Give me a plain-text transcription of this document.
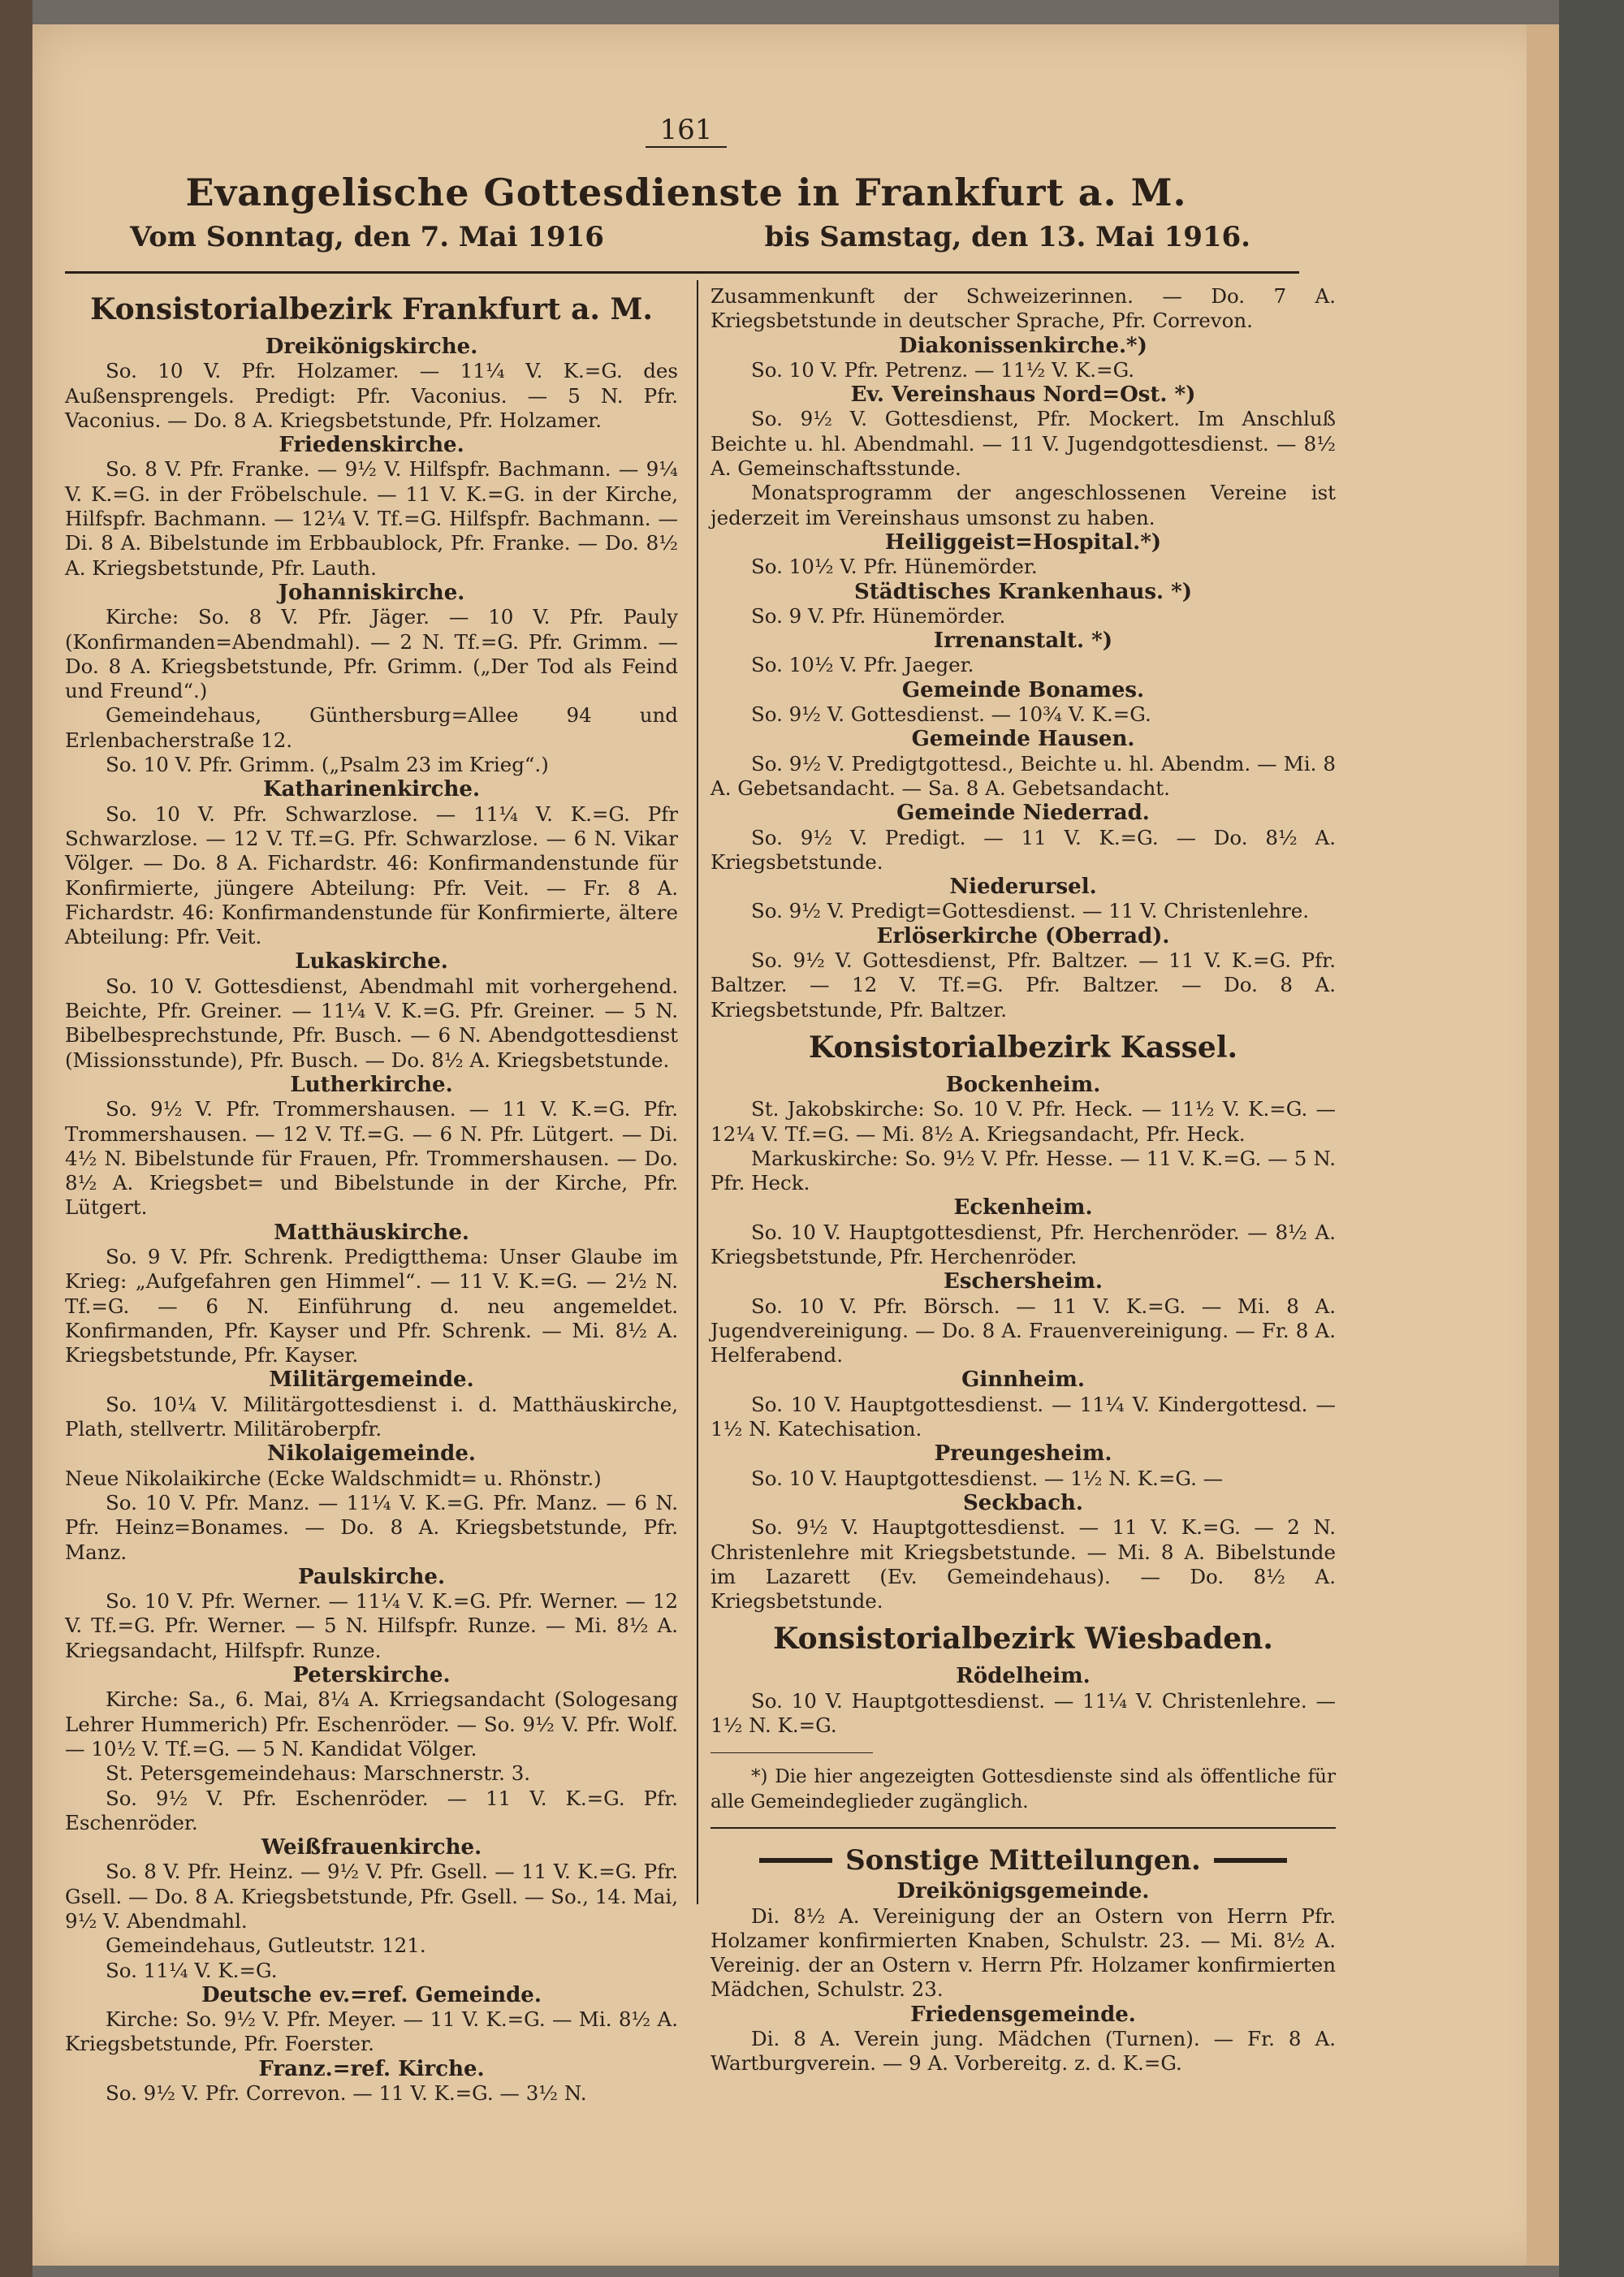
161
Evangelische Gottesdienste in Frankfurt a. M.
Vom Sonntag, den 7. Mai 1916	bis Samstag, den 13. Mai 1916.
Konsistorialbezirk Frankfurt a. M.
Dreikönigskirche.
So. 10 V. Pfr. Holzamer. — 11¼ V. K.=G. des Außensprengels. Predigt: Pfr. Vaconius. — 5 N. Pfr. Vaconius. — Do. 8 A. Kriegsbetstunde, Pfr. Holzamer.
Friedenskirche.
So. 8 V. Pfr. Franke. — 9½ V. Hilfspfr. Bachmann. — 9¼ V. K.=G. in der Fröbelschule. — 11 V. K.=G. in der Kirche, Hilfspfr. Bachmann. — 12¼ V. Tf.=G. Hilfspfr. Bachmann. — Di. 8 A. Bibelstunde im Erbbaublock, Pfr. Franke. — Do. 8½ A. Kriegsbetstunde, Pfr. Lauth.
Johanniskirche.
Kirche: So. 8 V. Pfr. Jäger. — 10 V. Pfr. Pauly (Konfirmanden=Abendmahl). — 2 N. Tf.=G. Pfr. Grimm. — Do. 8 A. Kriegsbetstunde, Pfr. Grimm. („Der Tod als Feind und Freund“.)
Gemeindehaus, Günthersburg=Allee 94 und Erlenbacherstraße 12.
So. 10 V. Pfr. Grimm. („Psalm 23 im Krieg“.)
Katharinenkirche.
So. 10 V. Pfr. Schwarzlose. — 11¼ V. K.=G. Pfr Schwarzlose. — 12 V. Tf.=G. Pfr. Schwarzlose. — 6 N. Vikar Völger. — Do. 8 A. Fichardstr. 46: Konfirmandenstunde für Konfirmierte, jüngere Abteilung: Pfr. Veit. — Fr. 8 A. Fichardstr. 46: Konfirmandenstunde für Konfirmierte, ältere Abteilung: Pfr. Veit.
Lukaskirche.
So. 10 V. Gottesdienst, Abendmahl mit vorhergehend. Beichte, Pfr. Greiner. — 11¼ V. K.=G. Pfr. Greiner. — 5 N. Bibelbesprechstunde, Pfr. Busch. — 6 N. Abendgottesdienst (Missionsstunde), Pfr. Busch. — Do. 8½ A. Kriegsbetstunde.
Lutherkirche.
So. 9½ V. Pfr. Trommershausen. — 11 V. K.=G. Pfr. Trommershausen. — 12 V. Tf.=G. — 6 N. Pfr. Lütgert. — Di. 4½ N. Bibelstunde für Frauen, Pfr. Trommershausen. — Do. 8½ A. Kriegsbet= und Bibelstunde in der Kirche, Pfr. Lütgert.
Matthäuskirche.
So. 9 V. Pfr. Schrenk. Predigtthema: Unser Glaube im Krieg: „Aufgefahren gen Himmel“. — 11 V. K.=G. — 2½ N. Tf.=G. — 6 N. Einführung d. neu angemeldet. Konfirmanden, Pfr. Kayser und Pfr. Schrenk. — Mi. 8½ A. Kriegsbetstunde, Pfr. Kayser.
Militärgemeinde.
So. 10¼ V. Militärgottesdienst i. d. Matthäuskirche, Plath, stellvertr. Militäroberpfr.
Nikolaigemeinde.
Neue Nikolaikirche (Ecke Waldschmidt= u. Rhönstr.)
So. 10 V. Pfr. Manz. — 11¼ V. K.=G. Pfr. Manz. — 6 N. Pfr. Heinz=Bonames. — Do. 8 A. Kriegsbetstunde, Pfr. Manz.
Paulskirche.
So. 10 V. Pfr. Werner. — 11¼ V. K.=G. Pfr. Werner. — 12 V. Tf.=G. Pfr. Werner. — 5 N. Hilfspfr. Runze. — Mi. 8½ A. Kriegsandacht, Hilfspfr. Runze.
Peterskirche.
Kirche: Sa., 6. Mai, 8¼ A. Krriegsandacht (Sologesang Lehrer Hummerich) Pfr. Eschenröder. — So. 9½ V. Pfr. Wolf. — 10½ V. Tf.=G. — 5 N. Kandidat Völger.
St. Petersgemeindehaus: Marschnerstr. 3.
So. 9½ V. Pfr. Eschenröder. — 11 V. K.=G. Pfr. Eschenröder.
Weißfrauenkirche.
So. 8 V. Pfr. Heinz. — 9½ V. Pfr. Gsell. — 11 V. K.=G. Pfr. Gsell. — Do. 8 A. Kriegsbetstunde, Pfr. Gsell. — So., 14. Mai, 9½ V. Abendmahl.
Gemeindehaus, Gutleutstr. 121.
So. 11¼ V. K.=G.
Deutsche ev.=ref. Gemeinde.
Kirche: So. 9½ V. Pfr. Meyer. — 11 V. K.=G. — Mi. 8½ A. Kriegsbetstunde, Pfr. Foerster.
Franz.=ref. Kirche.
So. 9½ V. Pfr. Correvon. — 11 V. K.=G. — 3½ N.
Zusammenkunft der Schweizerinnen. — Do. 7 A. Kriegsbetstunde in deutscher Sprache, Pfr. Correvon.
Diakonissenkirche.*)
So. 10 V. Pfr. Petrenz. — 11½ V. K.=G.
Ev. Vereinshaus Nord=Ost. *)
So. 9½ V. Gottesdienst, Pfr. Mockert. Im Anschluß Beichte u. hl. Abendmahl. — 11 V. Jugendgottesdienst. — 8½ A. Gemeinschaftsstunde.
Monatsprogramm der angeschlossenen Vereine ist jederzeit im Vereinshaus umsonst zu haben.
Heiliggeist=Hospital.*)
So. 10½ V. Pfr. Hünemörder.
Städtisches Krankenhaus. *)
So. 9 V. Pfr. Hünemörder.
Irrenanstalt. *)
So. 10½ V. Pfr. Jaeger.
Gemeinde Bonames.
So. 9½ V. Gottesdienst. — 10¾ V. K.=G.
Gemeinde Hausen.
So. 9½ V. Predigtgottesd., Beichte u. hl. Abendm. — Mi. 8 A. Gebetsandacht. — Sa. 8 A. Gebetsandacht.
Gemeinde Niederrad.
So. 9½ V. Predigt. — 11 V. K.=G. — Do. 8½ A. Kriegsbetstunde.
Niederursel.
So. 9½ V. Predigt=Gottesdienst. — 11 V. Christenlehre.
Erlöserkirche (Oberrad).
So. 9½ V. Gottesdienst, Pfr. Baltzer. — 11 V. K.=G. Pfr. Baltzer. — 12 V. Tf.=G. Pfr. Baltzer. — Do. 8 A. Kriegsbetstunde, Pfr. Baltzer.
Konsistorialbezirk Kassel.
Bockenheim.
St. Jakobskirche: So. 10 V. Pfr. Heck. — 11½ V. K.=G. — 12¼ V. Tf.=G. — Mi. 8½ A. Kriegsandacht, Pfr. Heck.
Markuskirche: So. 9½ V. Pfr. Hesse. — 11 V. K.=G. — 5 N. Pfr. Heck.
Eckenheim.
So. 10 V. Hauptgottesdienst, Pfr. Herchenröder. — 8½ A. Kriegsbetstunde, Pfr. Herchenröder.
Eschersheim.
So. 10 V. Pfr. Börsch. — 11 V. K.=G. — Mi. 8 A. Jugendvereinigung. — Do. 8 A. Frauenvereinigung. — Fr. 8 A. Helferabend.
Ginnheim.
So. 10 V. Hauptgottesdienst. — 11¼ V. Kindergottesd. — 1½ N. Katechisation.
Preungesheim.
So. 10 V. Hauptgottesdienst. — 1½ N. K.=G. —
Seckbach.
So. 9½ V. Hauptgottesdienst. — 11 V. K.=G. — 2 N. Christenlehre mit Kriegsbetstunde. — Mi. 8 A. Bibelstunde im Lazarett (Ev. Gemeindehaus). — Do. 8½ A. Kriegsbetstunde.
Konsistorialbezirk Wiesbaden.
Rödelheim.
So. 10 V. Hauptgottesdienst. — 11¼ V. Christenlehre. — 1½ N. K.=G.
*) Die hier angezeigten Gottesdienste sind als öffentliche für alle Gemeindeglieder zugänglich.
Sonstige Mitteilungen.
Dreikönigsgemeinde.
Di. 8½ A. Vereinigung der an Ostern von Herrn Pfr. Holzamer konfirmierten Knaben, Schulstr. 23. — Mi. 8½ A. Vereinig. der an Ostern v. Herrn Pfr. Holzamer konfirmierten Mädchen, Schulstr. 23.
Friedensgemeinde.
Di. 8 A. Verein jung. Mädchen (Turnen). — Fr. 8 A. Wartburgverein. — 9 A. Vorbereitg. z. d. K.=G.
